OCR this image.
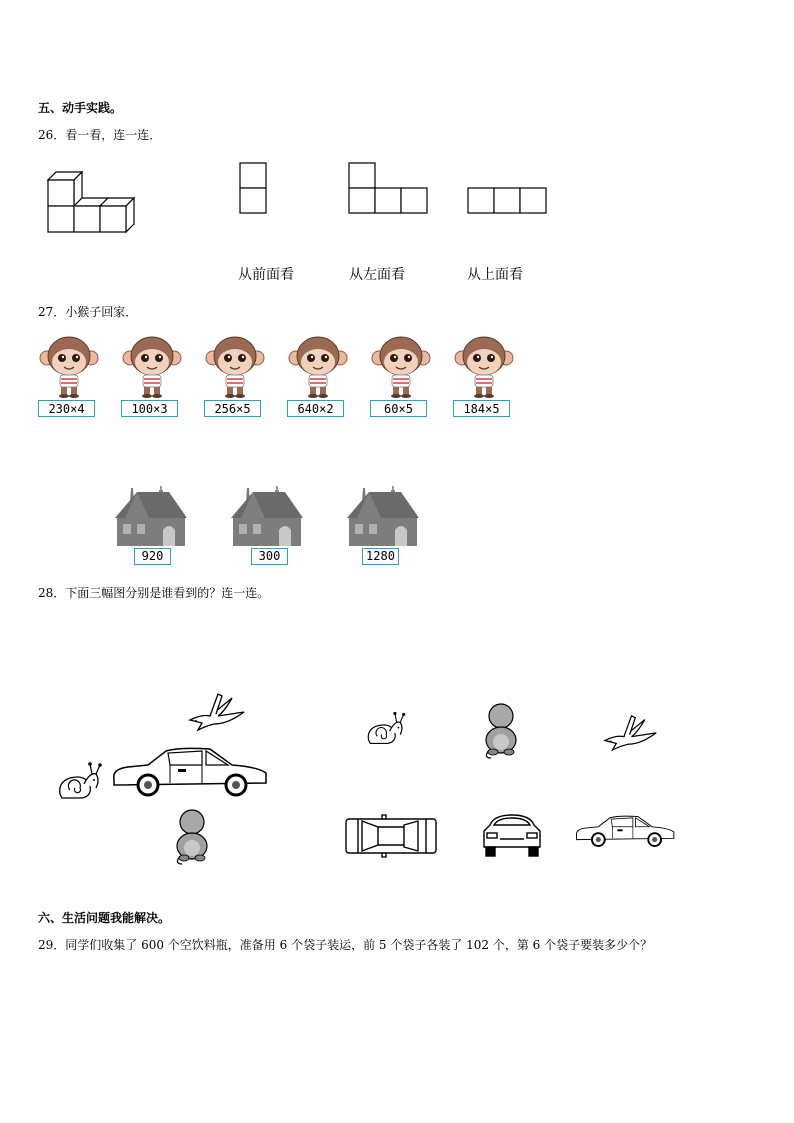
五、动手实践。
26．看一看，连一连．
从前面看	从左面看	从上面看
27．小猴子回家．
230×4	100×3	256×5	640×2	60×5	184×5
920	300	1280
28．下面三幅图分别是谁看到的？连一连。
六、生活问题我能解决。
29．同学们收集了 600 个空饮料瓶，准备用 6 个袋子装运，前 5 个袋子各装了 102 个，第 6 个袋子要装多少个？
